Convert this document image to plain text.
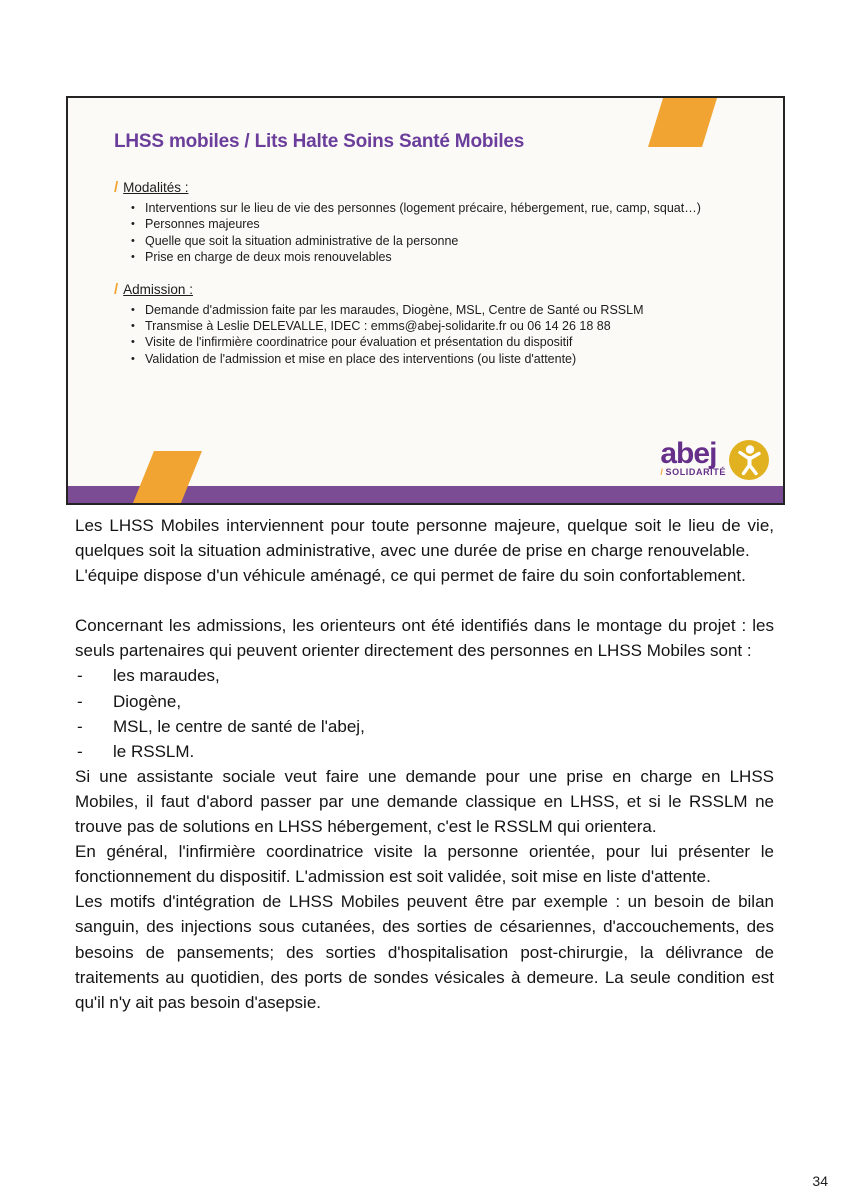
LHSS mobiles / Lits Halte Soins Santé Mobiles
/ Modalités :
• Interventions sur le lieu de vie des personnes (logement précaire, hébergement, rue, camp, squat…)
• Personnes majeures
• Quelle que soit la situation administrative de la personne
• Prise en charge de deux mois renouvelables
/ Admission :
• Demande d'admission faite par les maraudes, Diogène, MSL, Centre de Santé ou RSSLM
• Transmise à Leslie DELEVALLE, IDEC : emms@abej-solidarite.fr ou 06 14 26 18 88
• Visite de l'infirmière coordinatrice pour évaluation et présentation du dispositif
• Validation de l'admission et mise en place des interventions (ou liste d'attente)
abej
/ SOLIDARITÉ

Les LHSS Mobiles interviennent pour toute personne majeure, quelque soit le lieu de vie, quelques soit la situation administrative, avec une durée de prise en charge renouvelable.

L'équipe dispose d'un véhicule aménagé, ce qui permet de faire du soin confortablement.

Concernant les admissions, les orienteurs ont été identifiés dans le montage du projet : les seuls partenaires qui peuvent orienter directement des personnes en LHSS Mobiles sont :

-	les maraudes,
-	Diogène,
-	MSL, le centre de santé de l'abej,
-	le RSSLM.

Si une assistante sociale veut faire une demande pour une prise en charge en LHSS Mobiles, il faut d'abord passer par une demande classique en LHSS, et si le RSSLM ne trouve pas de solutions en LHSS hébergement, c'est le RSSLM qui orientera.

En général, l'infirmière coordinatrice visite la personne orientée, pour lui présenter le fonctionnement du dispositif. L'admission est soit validée, soit mise en liste d'attente.

Les motifs d'intégration de LHSS Mobiles peuvent être par exemple : un besoin de bilan sanguin, des injections sous cutanées, des sorties de césariennes, d'accouchements, des besoins de pansements; des sorties d'hospitalisation post-chirurgie, la délivrance de traitements au quotidien, des ports de sondes vésicales à demeure. La seule condition est qu'il n'y ait pas besoin d'asepsie.

34
